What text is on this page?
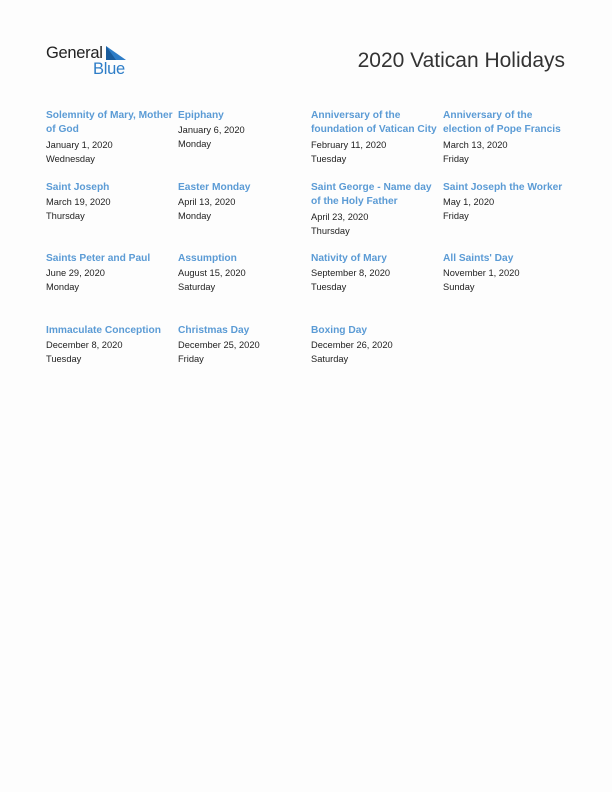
General
Blue	2020 Vatican Holidays
Solemnity of Mary, Mother of God
January 1, 2020
Wednesday
Epiphany
January 6, 2020
Monday
Anniversary of the foundation of Vatican City
February 11, 2020
Tuesday
Anniversary of the election of Pope Francis
March 13, 2020
Friday
Saint Joseph
March 19, 2020
Thursday
Easter Monday
April 13, 2020
Monday
Saint George - Name day of the Holy Father
April 23, 2020
Thursday
Saint Joseph the Worker
May 1, 2020
Friday
Saints Peter and Paul
June 29, 2020
Monday
Assumption
August 15, 2020
Saturday
Nativity of Mary
September 8, 2020
Tuesday
All Saints' Day
November 1, 2020
Sunday
Immaculate Conception
December 8, 2020
Tuesday
Christmas Day
December 25, 2020
Friday
Boxing Day
December 26, 2020
Saturday
